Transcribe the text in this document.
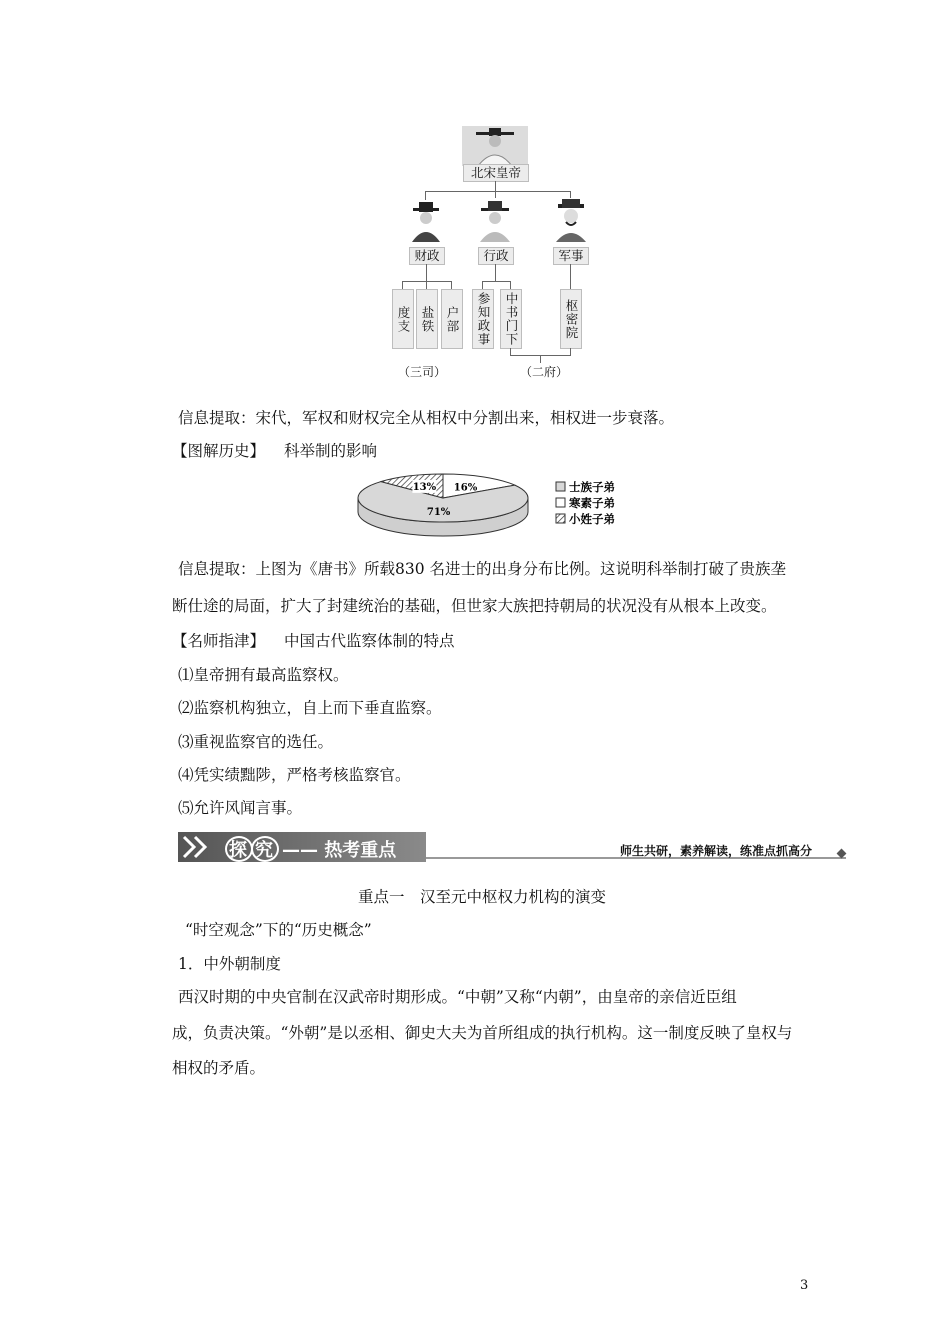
北宋皇帝
财政	行政	军事
度支 盐铁 户部	参知政事	中书门下	枢密院
（三司）	（二府）
信息提取：宋代，军权和财权完全从相权中分割出来，相权进一步衰落。
【图解历史】 科举制的影响
71%
16%
13%	士族子弟
寒素子弟
小姓子弟
信息提取：上图为《唐书》所载830 名进士的出身分布比例。这说明科举制打破了贵族垄
断仕途的局面，扩大了封建统治的基础，但世家大族把持朝局的状况没有从根本上改变。
【名师指津】 中国古代监察体制的特点
⑴皇帝拥有最高监察权。
⑵监察机构独立，自上而下垂直监察。
⑶重视监察官的选任。
⑷凭实绩黜陟，严格考核监察官。
⑸允许风闻言事。
探 究 —— 热考重点	师生共研，素养解读，练准点抓高分
重点一　汉至元中枢权力机构的演变
“时空观念”下的“历史概念”
1．中外朝制度
西汉时期的中央官制在汉武帝时期形成。“中朝”又称“内朝”，由皇帝的亲信近臣组
成，负责决策。“外朝”是以丞相、御史大夫为首所组成的执行机构。这一制度反映了皇权与
相权的矛盾。
3
